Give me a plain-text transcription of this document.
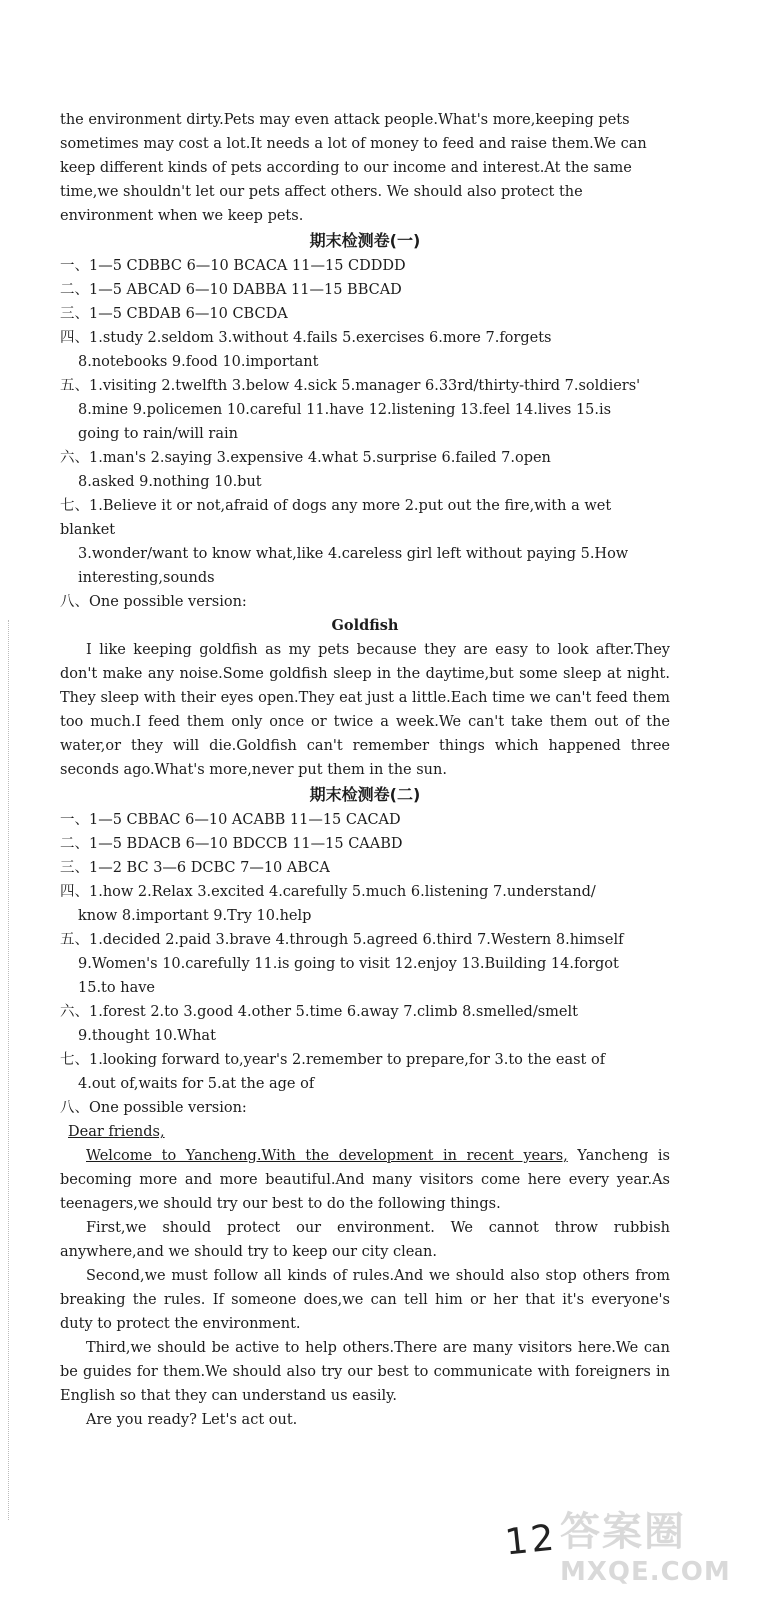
the environment dirty.Pets may even attack people.What's more,keeping pets

sometimes may cost a lot.It needs a lot of money to feed and raise them.We can

keep different kinds of pets according to our income and interest.At the same

time,we shouldn't let our pets affect others. We should also protect the

environment when we keep pets.

期末检测卷(一)

一、1—5 CDBBC 6—10 BCACA 11—15 CDDDD
二、1—5 ABCAD 6—10 DABBA 11—15 BBCAD
三、1—5 CBDAB 6—10 CBCDA
四、1.study 2.seldom 3.without 4.fails 5.exercises 6.more 7.forgets
8.notebooks 9.food 10.important
五、1.visiting 2.twelfth 3.below 4.sick 5.manager 6.33rd/thirty-third 7.soldiers'
8.mine 9.policemen 10.careful 11.have 12.listening 13.feel 14.lives 15.is
going to rain/will rain
六、1.man's 2.saying 3.expensive 4.what 5.surprise 6.failed 7.open
8.asked 9.nothing 10.but
七、1.Believe it or not,afraid of dogs any more 2.put out the fire,with a wet blanket
3.wonder/want to know what,like 4.careless girl left without paying 5.How
interesting,sounds
八、One possible version:

Goldfish

I like keeping goldfish as my pets because they are easy to look after.They don't make any noise.Some goldfish sleep in the daytime,but some sleep at night. They sleep with their eyes open.They eat just a little.Each time we can't feed them too much.I feed them only once or twice a week.We can't take them out of the water,or they will die.Goldfish can't remember things which happened three seconds ago.What's more,never put them in the sun.

期末检测卷(二)

一、1—5 CBBAC 6—10 ACABB 11—15 CACAD
二、1—5 BDACB 6—10 BDCCB 11—15 CAABD
三、1—2 BC 3—6 DCBC 7—10 ABCA
四、1.how 2.Relax 3.excited 4.carefully 5.much 6.listening 7.understand/
know 8.important 9.Try 10.help
五、1.decided 2.paid 3.brave 4.through 5.agreed 6.third 7.Western 8.himself
9.Women's 10.carefully 11.is going to visit 12.enjoy 13.Building 14.forgot
15.to have
六、1.forest 2.to 3.good 4.other 5.time 6.away 7.climb 8.smelled/smelt
9.thought 10.What
七、1.looking forward to,year's 2.remember to prepare,for 3.to the east of
4.out of,waits for 5.at the age of
八、One possible version:

Dear friends,

Welcome to Yancheng.With the development in recent years, Yancheng is becoming more and more beautiful.And many visitors come here every year.As teenagers,we should try our best to do the following things.

First,we should protect our environment. We cannot throw rubbish anywhere,and we should try to keep our city clean.

Second,we must follow all kinds of rules.And we should also stop others from breaking the rules. If someone does,we can tell him or her that it's everyone's duty to protect the environment.

Third,we should be active to help others.There are many visitors here.We can be guides for them.We should also try our best to communicate with foreigners in English so that they can understand us easily.

Are you ready? Let's act out.

12 答案圈
MXQE.COM
